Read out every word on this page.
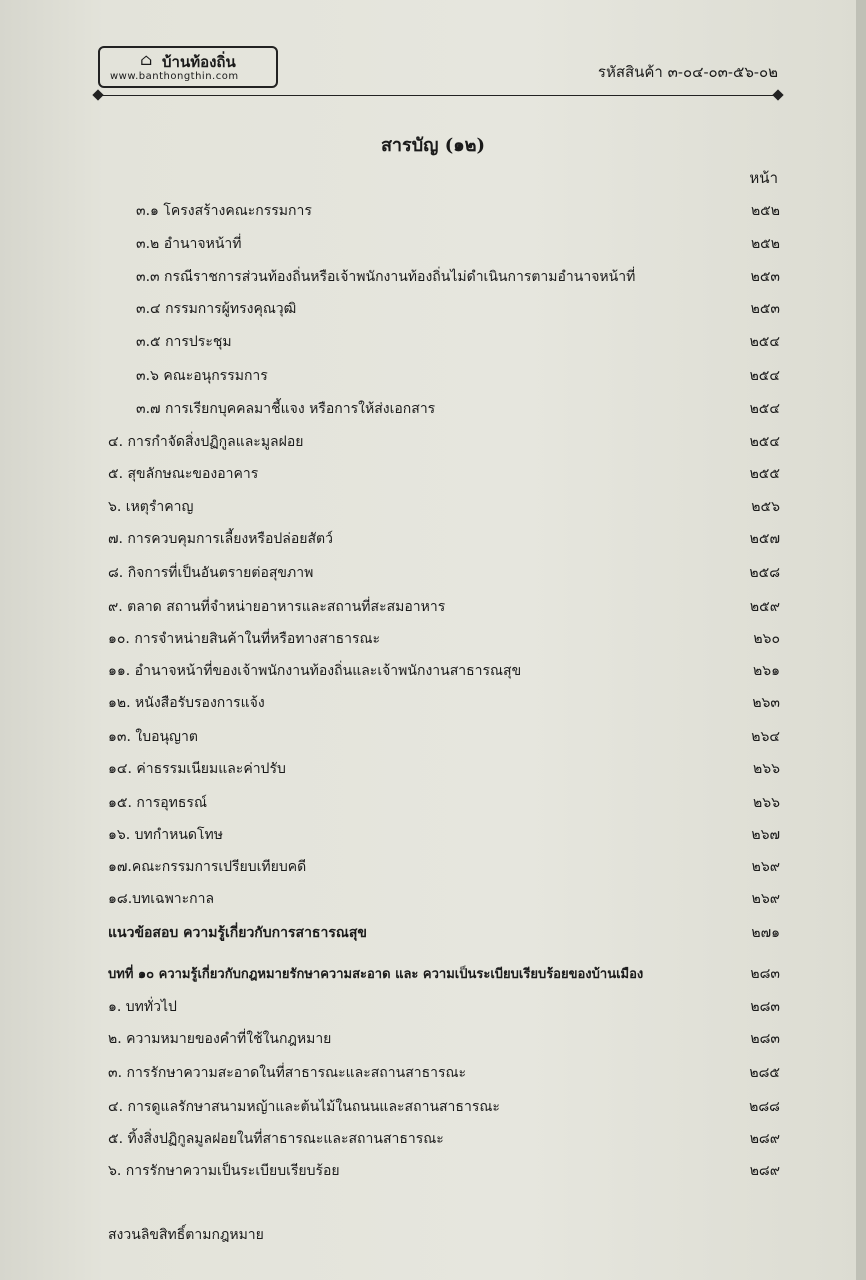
⌂ บ้านท้องถิ่น
www.banthongthin.com	รหัสสินค้า ๓-๐๔-๐๓-๕๖-๐๒
สารบัญ (๑๒)
หน้า
๓.๑ โครงสร้างคณะกรรมการ	๒๕๒
๓.๒ อำนาจหน้าที่	๒๕๒
๓.๓ กรณีราชการส่วนท้องถิ่นหรือเจ้าพนักงานท้องถิ่นไม่ดำเนินการตามอำนาจหน้าที่	๒๕๓
๓.๔ กรรมการผู้ทรงคุณวุฒิ	๒๕๓
๓.๕ การประชุม	๒๕๔
๓.๖ คณะอนุกรรมการ	๒๕๔
๓.๗ การเรียกบุคคลมาชี้แจง หรือการให้ส่งเอกสาร	๒๕๔
๔. การกำจัดสิ่งปฏิกูลและมูลฝอย	๒๕๔
๕. สุขลักษณะของอาคาร	๒๕๕
๖. เหตุรำคาญ	๒๕๖
๗. การควบคุมการเลี้ยงหรือปล่อยสัตว์	๒๕๗
๘. กิจการที่เป็นอันตรายต่อสุขภาพ	๒๕๘
๙. ตลาด สถานที่จำหน่ายอาหารและสถานที่สะสมอาหาร	๒๕๙
๑๐. การจำหน่ายสินค้าในที่หรือทางสาธารณะ	๒๖๐
๑๑. อำนาจหน้าที่ของเจ้าพนักงานท้องถิ่นและเจ้าพนักงานสาธารณสุข	๒๖๑
๑๒. หนังสือรับรองการแจ้ง	๒๖๓
๑๓. ใบอนุญาต	๒๖๔
๑๔. ค่าธรรมเนียมและค่าปรับ	๒๖๖
๑๕. การอุทธรณ์	๒๖๖
๑๖. บทกำหนดโทษ	๒๖๗
๑๗.คณะกรรมการเปรียบเทียบคดี	๒๖๙
๑๘.บทเฉพาะกาล	๒๖๙
แนวข้อสอบ ความรู้เกี่ยวกับการสาธารณสุข	๒๗๑
บทที่ ๑๐ ความรู้เกี่ยวกับกฎหมายรักษาความสะอาด และ ความเป็นระเบียบเรียบร้อยของบ้านเมือง	๒๘๓
๑. บททั่วไป	๒๘๓
๒. ความหมายของคำที่ใช้ในกฎหมาย	๒๘๓
๓. การรักษาความสะอาดในที่สาธารณะและสถานสาธารณะ	๒๘๕
๔. การดูแลรักษาสนามหญ้าและต้นไม้ในถนนและสถานสาธารณะ	๒๘๘
๕. ทิ้งสิ่งปฏิกูลมูลฝอยในที่สาธารณะและสถานสาธารณะ	๒๘๙
๖. การรักษาความเป็นระเบียบเรียบร้อย	๒๘๙
สงวนลิขสิทธิ์ตามกฎหมาย
